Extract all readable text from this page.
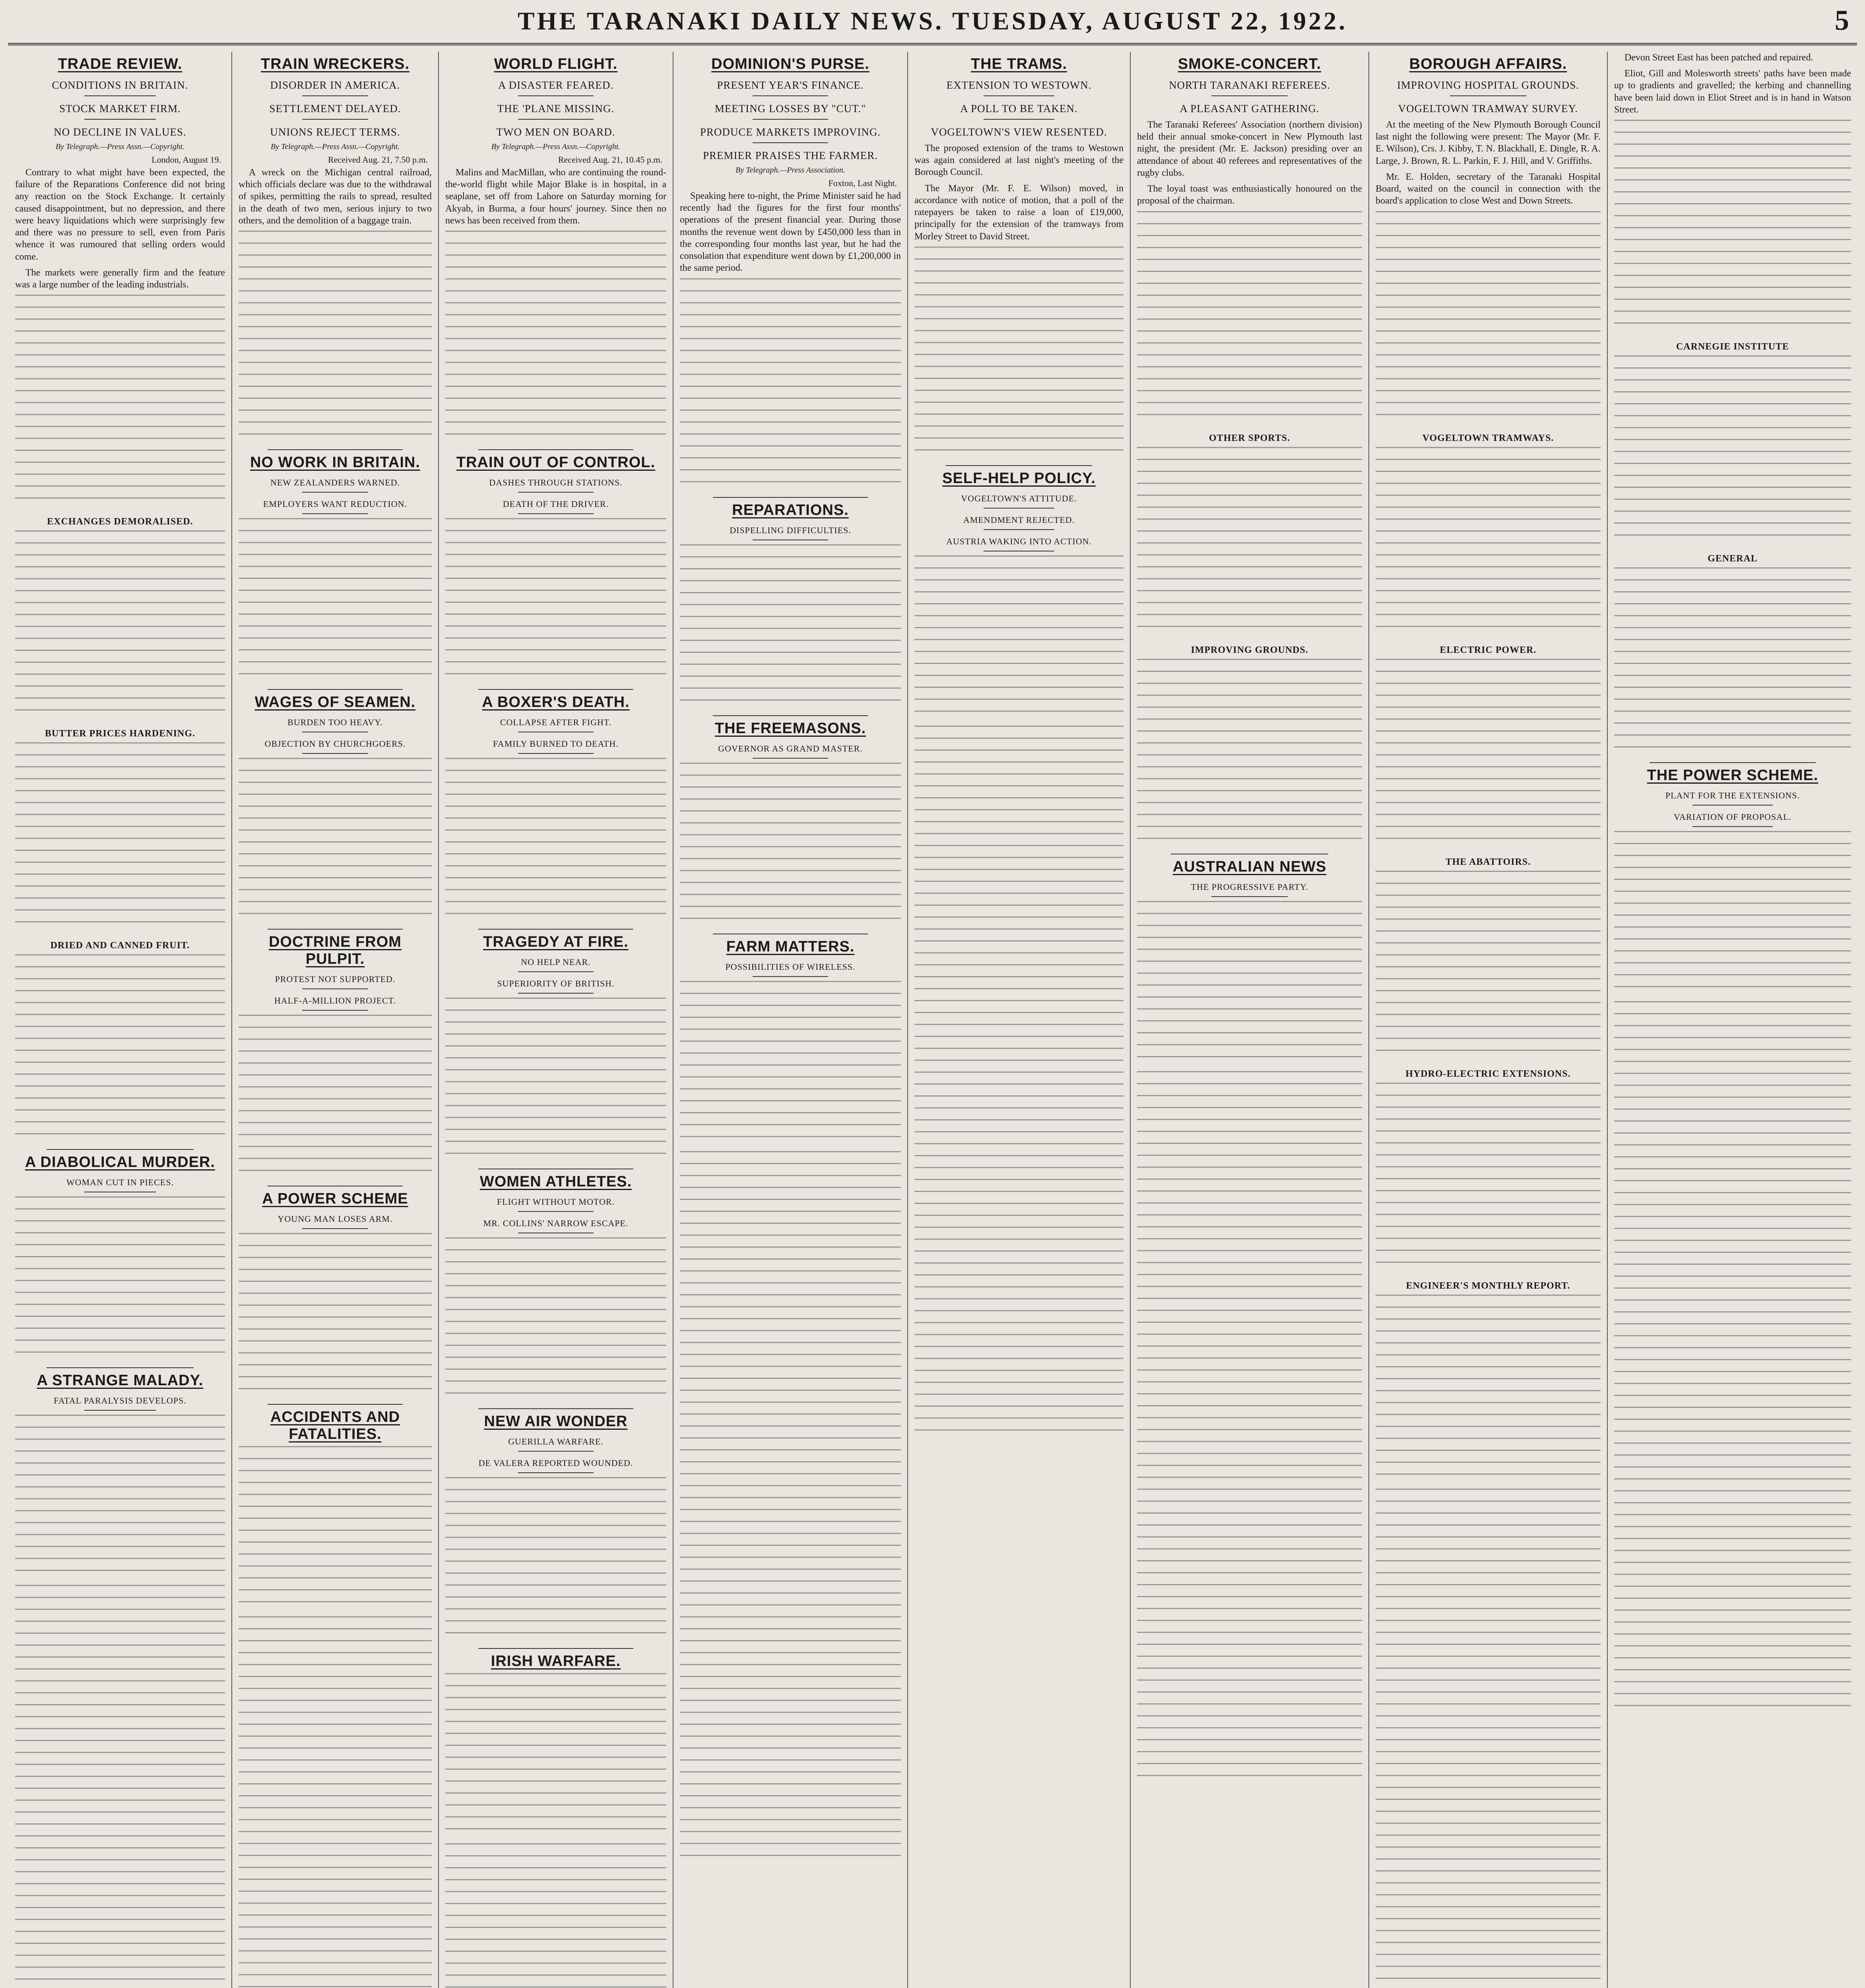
THE TARANAKI DAILY NEWS. TUESDAY, AUGUST 22, 1922.	5
TRADE REVIEW.
CONDITIONS IN BRITAIN.
STOCK MARKET FIRM.
NO DECLINE IN VALUES.
By Telegraph.—Press Assn.—Copyright.
London, August 19.

Contrary to what might have been expected, the failure of the Reparations Conference did not bring any reaction on the Stock Exchange. It certainly caused disappointment, but no depression, and there were heavy liquidations which were surprisingly few and there was no pressure to sell, even from Paris whence it was rumoured that selling orders would come.

The markets were generally firm and the feature was a large number of the leading industrials.

EXCHANGES DEMORALISED.
BUTTER PRICES HARDENING.
DRIED AND CANNED FRUIT.
A DIABOLICAL MURDER.
WOMAN CUT IN PIECES.
A STRANGE MALADY.
FATAL PARALYSIS DEVELOPS.
TRAIN WRECKERS.
DISORDER IN AMERICA.
SETTLEMENT DELAYED.
UNIONS REJECT TERMS.
By Telegraph.—Press Assn.—Copyright.
Received Aug. 21, 7.50 p.m.

A wreck on the Michigan central railroad, which officials declare was due to the withdrawal of spikes, permitting the rails to spread, resulted in the death of two men, serious injury to two others, and the demolition of a baggage train.

NO WORK IN BRITAIN.
NEW ZEALANDERS WARNED.
EMPLOYERS WANT REDUCTION.
WAGES OF SEAMEN.
BURDEN TOO HEAVY.
OBJECTION BY CHURCHGOERS.
DOCTRINE FROM PULPIT.
PROTEST NOT SUPPORTED.
HALF-A-MILLION PROJECT.
A POWER SCHEME
YOUNG MAN LOSES ARM.
ACCIDENTS AND FATALITIES.
WORLD FLIGHT.
A DISASTER FEARED.
THE 'PLANE MISSING.
TWO MEN ON BOARD.
By Telegraph.—Press Assn.—Copyright.
Received Aug. 21, 10.45 p.m.

Malins and MacMillan, who are continuing the round-the-world flight while Major Blake is in hospital, in a seaplane, set off from Lahore on Saturday morning for Akyab, in Burma, a four hours' journey. Since then no news has been received from them.

TRAIN OUT OF CONTROL.
DASHES THROUGH STATIONS.
DEATH OF THE DRIVER.
A BOXER'S DEATH.
COLLAPSE AFTER FIGHT.
FAMILY BURNED TO DEATH.
TRAGEDY AT FIRE.
NO HELP NEAR.
SUPERIORITY OF BRITISH.
WOMEN ATHLETES.
FLIGHT WITHOUT MOTOR.
MR. COLLINS' NARROW ESCAPE.
NEW AIR WONDER
GUERILLA WARFARE.
DE VALERA REPORTED WOUNDED.
IRISH WARFARE.
DOMINION'S PURSE.
PRESENT YEAR'S FINANCE.
MEETING LOSSES BY "CUT."
PRODUCE MARKETS IMPROVING.
PREMIER PRAISES THE FARMER.
By Telegraph.—Press Association.
Foxton, Last Night.

Speaking here to-night, the Prime Minister said he had recently had the figures for the first four months' operations of the present financial year. During those months the revenue went down by £450,000 less than in the corresponding four months last year, but he had the consolation that expenditure went down by £1,200,000 in the same period.

REPARATIONS.
DISPELLING DIFFICULTIES.
THE FREEMASONS.
GOVERNOR AS GRAND MASTER.
FARM MATTERS.
POSSIBILITIES OF WIRELESS.
THE TRAMS.
EXTENSION TO WESTOWN.
A POLL TO BE TAKEN.
VOGELTOWN'S VIEW RESENTED.

The proposed extension of the trams to Westown was again considered at last night's meeting of the Borough Council.

The Mayor (Mr. F. E. Wilson) moved, in accordance with notice of motion, that a poll of the ratepayers be taken to raise a loan of £19,000, principally for the extension of the tramways from Morley Street to David Street.

SELF-HELP POLICY.
VOGELTOWN'S ATTITUDE.
AMENDMENT REJECTED.
AUSTRIA WAKING INTO ACTION.
SMOKE-CONCERT.
NORTH TARANAKI REFEREES.
A PLEASANT GATHERING.

The Taranaki Referees' Association (northern division) held their annual smoke-concert in New Plymouth last night, the president (Mr. E. Jackson) presiding over an attendance of about 40 referees and representatives of the rugby clubs.

The loyal toast was enthusiastically honoured on the proposal of the chairman.

OTHER SPORTS.
IMPROVING GROUNDS.
AUSTRALIAN NEWS
THE PROGRESSIVE PARTY.
BOROUGH AFFAIRS.
IMPROVING HOSPITAL GROUNDS.
VOGELTOWN TRAMWAY SURVEY.

At the meeting of the New Plymouth Borough Council last night the following were present: The Mayor (Mr. F. E. Wilson), Crs. J. Kibby, T. N. Blackhall, E. Dingle, R. A. Large, J. Brown, R. L. Parkin, F. J. Hill, and V. Griffiths.

Mr. E. Holden, secretary of the Taranaki Hospital Board, waited on the council in connection with the board's application to close West and Down Streets.

VOGELTOWN TRAMWAYS.
ELECTRIC POWER.
THE ABATTOIRS.
HYDRO-ELECTRIC EXTENSIONS.
ENGINEER'S MONTHLY REPORT.

Devon Street East has been patched and repaired.

Eliot, Gill and Molesworth streets' paths have been made up to gradients and gravelled; the kerbing and channelling have been laid down in Eliot Street and is in hand in Watson Street.

CARNEGIE INSTITUTE
GENERAL
THE POWER SCHEME.
PLANT FOR THE EXTENSIONS.
VARIATION OF PROPOSAL.
